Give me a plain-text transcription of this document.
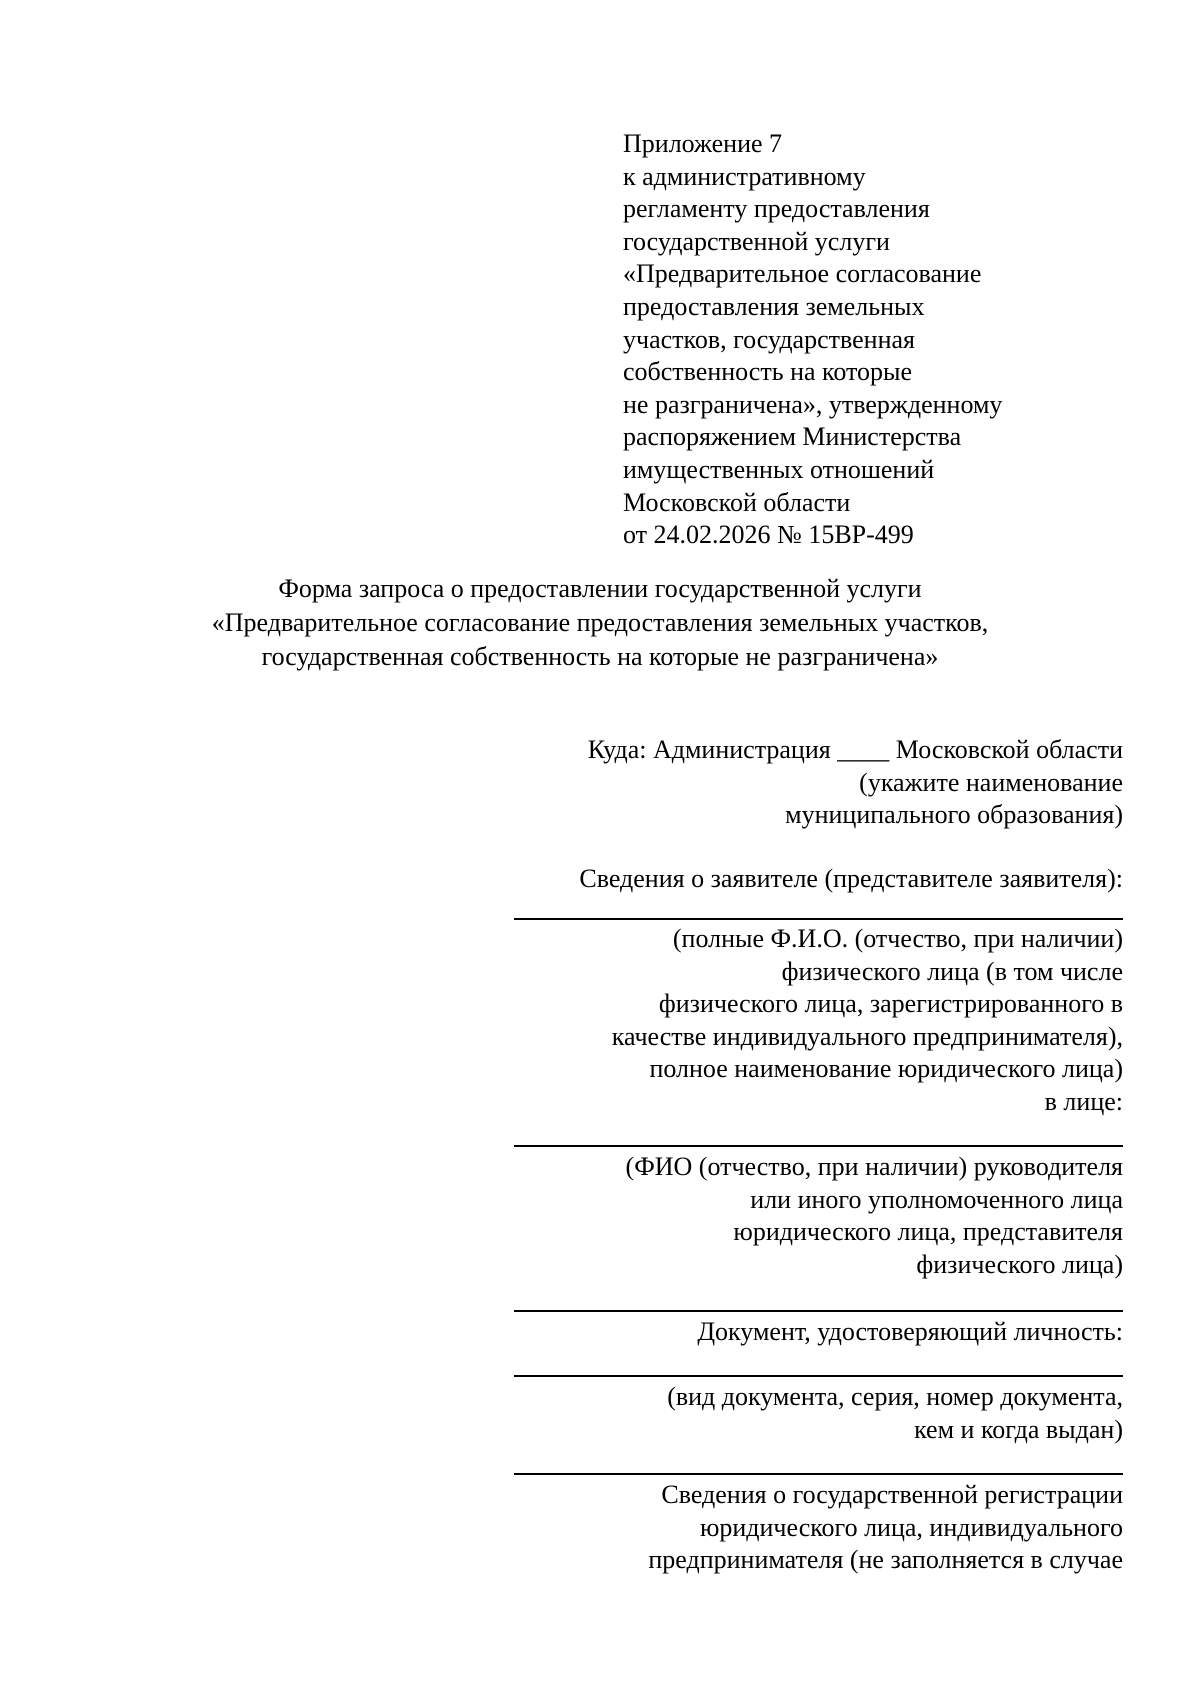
Приложение 7
к административному
регламенту предоставления
государственной услуги
«Предварительное согласование
предоставления земельных
участков, государственная
собственность на которые
не разграничена», утвержденному
распоряжением Министерства
имущественных отношений
Московской области
от 24.02.2026 № 15ВР-499
Форма запроса о предоставлении государственной услуги
«Предварительное согласование предоставления земельных участков,
государственная собственность на которые не разграничена»
Куда: Администрация ____ Московской области
(укажите наименование
муниципального образования)
Сведения о заявителе (представителе заявителя):
(полные Ф.И.О. (отчество, при наличии)
физического лица (в том числе
физического лица, зарегистрированного в
качестве индивидуального предпринимателя),
полное наименование юридического лица)
в лице:
(ФИО (отчество, при наличии) руководителя
или иного уполномоченного лица
юридического лица, представителя
физического лица)
Документ, удостоверяющий личность:
(вид документа, серия, номер документа,
кем и когда выдан)
Сведения о государственной регистрации
юридического лица, индивидуального
предпринимателя (не заполняется в случае
